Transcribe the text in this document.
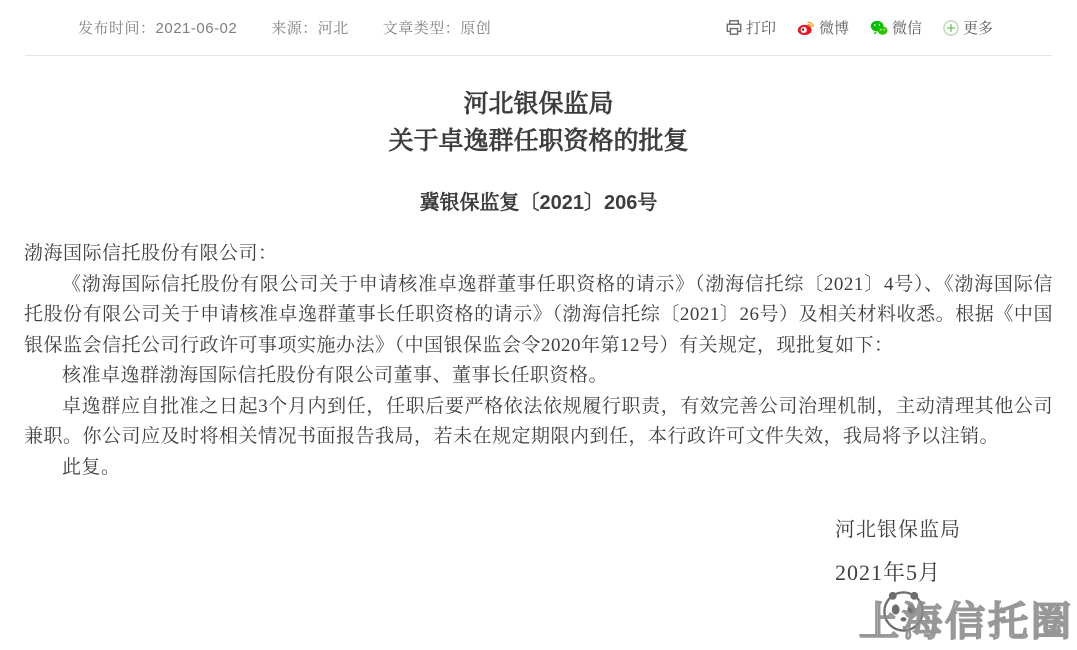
发布时间：2021-06-02 来源：河北 文章类型：原创	打印	微博	微信	更多
河北银保监局
关于卓逸群任职资格的批复
冀银保监复〔2021〕206号

渤海国际信托股份有限公司：

《渤海国际信托股份有限公司关于申请核准卓逸群董事任职资格的请示》（渤海信托综〔2021〕4号）、《渤海国际信托股份有限公司关于申请核准卓逸群董事长任职资格的请示》（渤海信托综〔2021〕26号）及相关材料收悉。根据《中国银保监会信托公司行政许可事项实施办法》（中国银保监会令2020年第12号）有关规定，现批复如下：

核准卓逸群渤海国际信托股份有限公司董事、董事长任职资格。

卓逸群应自批准之日起3个月内到任，任职后要严格依法依规履行职责，有效完善公司治理机制，主动清理其他公司兼职。你公司应及时将相关情况书面报告我局，若未在规定期限内到任，本行政许可文件失效，我局将予以注销。

此复。

河北银保监局
2021年5月
上海信托圈
